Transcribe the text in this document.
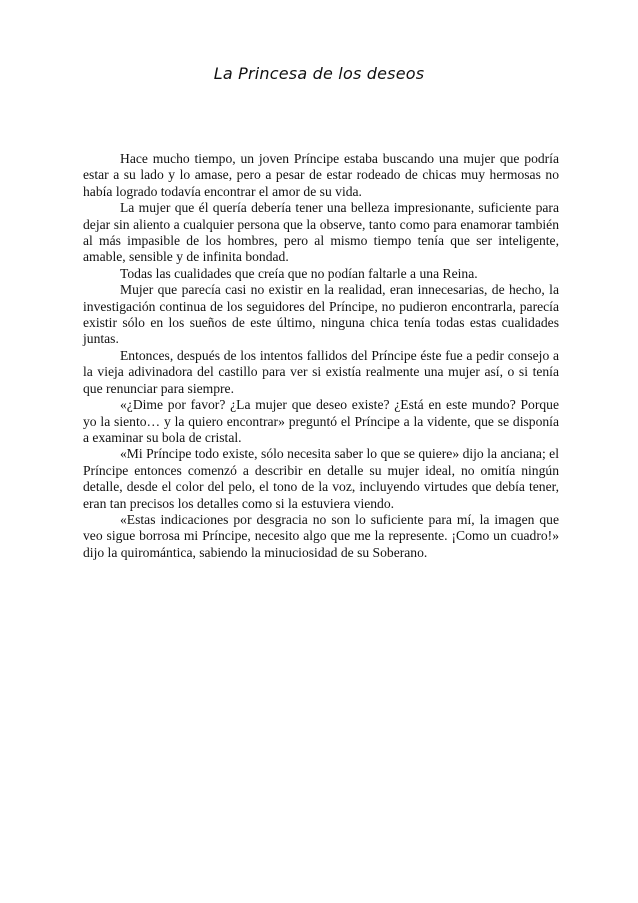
La Princesa de los deseos

Hace mucho tiempo, un joven Príncipe estaba buscando una mujer que podría estar a su lado y lo amase, pero a pesar de estar rodeado de chicas muy hermosas no había logrado todavía encontrar el amor de su vida.

La mujer que él quería debería tener una belleza impresionante, suficiente para dejar sin aliento a cualquier persona que la observe, tanto como para enamorar también al más impasible de los hombres, pero al mismo tiempo tenía que ser inteligente, amable, sensible y de infinita bondad.

Todas las cualidades que creía que no podían faltarle a una Reina.

Mujer que parecía casi no existir en la realidad, eran innecesarias, de hecho, la investigación continua de los seguidores del Príncipe, no pudieron encontrarla, parecía existir sólo en los sueños de este último, ninguna chica tenía todas estas cualidades juntas.

Entonces, después de los intentos fallidos del Príncipe éste fue a pedir consejo a la vieja adivinadora del castillo para ver si existía realmente una mujer así, o si tenía que renunciar para siempre.

«¿Dime por favor? ¿La mujer que deseo existe? ¿Está en este mundo? Porque yo la siento… y la quiero encontrar» preguntó el Príncipe a la vidente, que se disponía a examinar su bola de cristal.

«Mi Príncipe todo existe, sólo necesita saber lo que se quiere» dijo la anciana; el Príncipe entonces comenzó a describir en detalle su mujer ideal, no omitía ningún detalle, desde el color del pelo, el tono de la voz, incluyendo virtudes que debía tener, eran tan precisos los detalles como si la estuviera viendo.

«Estas indicaciones por desgracia no son lo suficiente para mí, la imagen que veo sigue borrosa mi Príncipe, necesito algo que me la represente. ¡Como un cuadro!» dijo la quiromántica, sabiendo la minuciosidad de su Soberano.
